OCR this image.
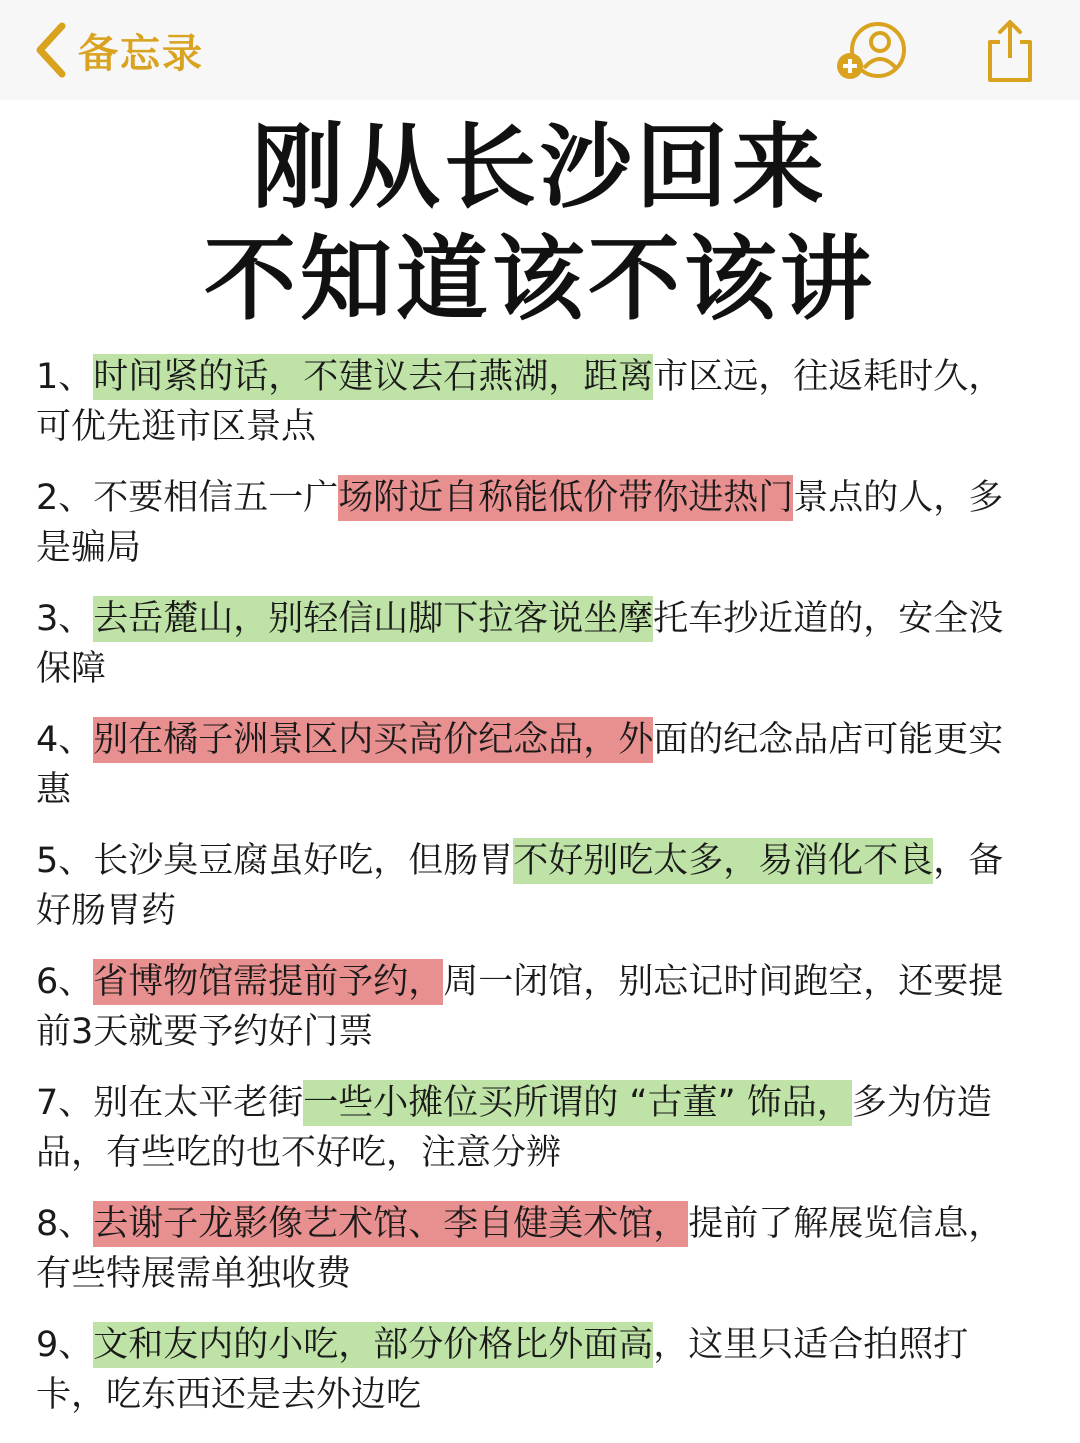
备忘录
刚从长沙回来
不知道该不该讲
1、时间紧的话，不建议去石燕湖，距离市区远，往返耗时久，可优先逛市区景点
2、不要相信五一广场附近自称能低价带你进热门景点的人，多是骗局
3、去岳麓山，别轻信山脚下拉客说坐摩托车抄近道的，安全没保障
4、别在橘子洲景区内买高价纪念品，外面的纪念品店可能更实惠
5、长沙臭豆腐虽好吃，但肠胃不好别吃太多，易消化不良，备好肠胃药
6、省博物馆需提前予约，周一闭馆，别忘记时间跑空，还要提前3天就要予约好门票
7、别在太平老街一些小摊位买所谓的 “古董” 饰品，多为仿造品，有些吃的也不好吃，注意分辨
8、去谢子龙影像艺术馆、李自健美术馆，提前了解展览信息，有些特展需单独收费
9、文和友内的小吃，部分价格比外面高，这里只适合拍照打卡，吃东西还是去外边吃
